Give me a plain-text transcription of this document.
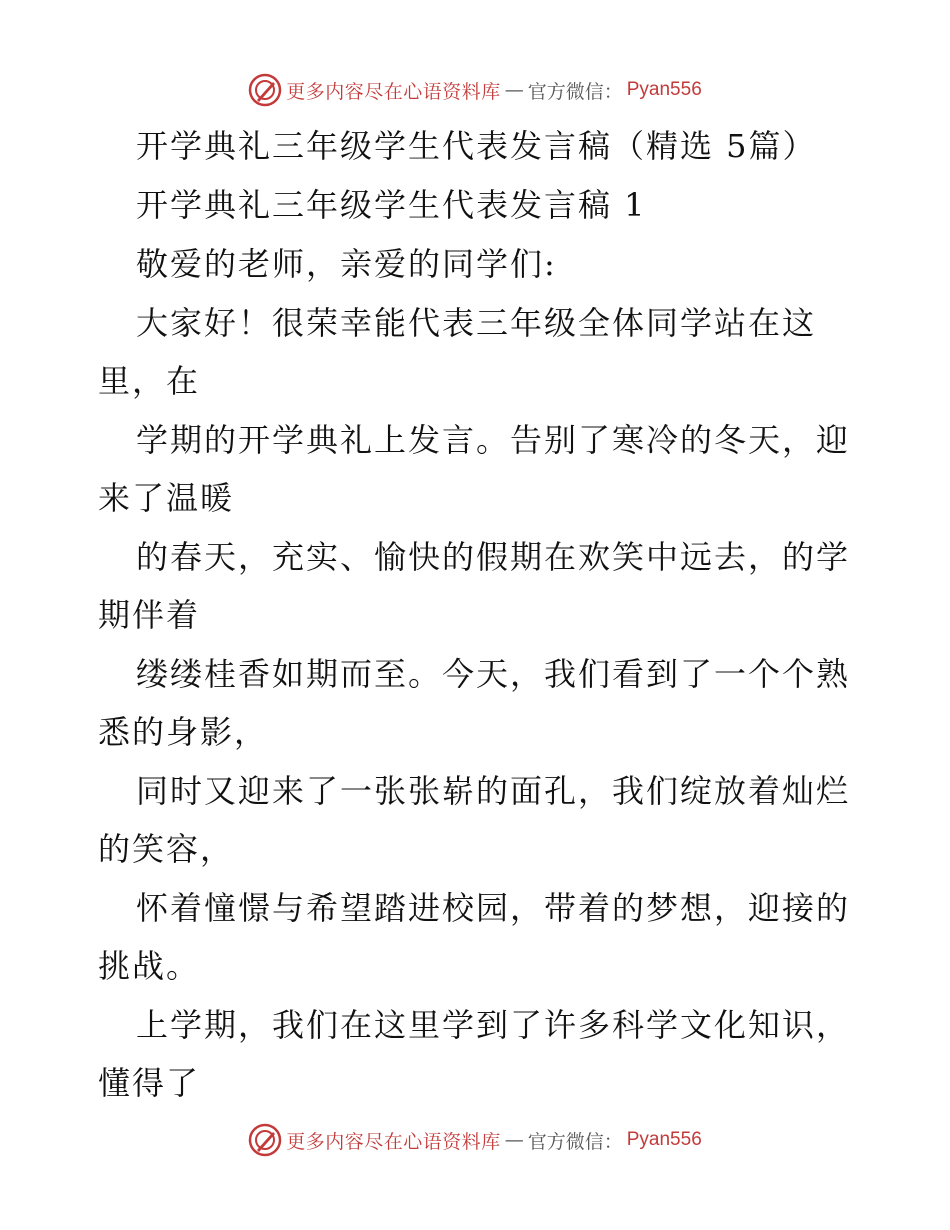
更多内容尽在心语资料库 — 官方微信： Pyan556

开学典礼三年级学生代表发言稿（精选 5篇）

开学典礼三年级学生代表发言稿 1

敬爱的老师，亲爱的同学们:

大家好！很荣幸能代表三年级全体同学站在这

里，在

学期的开学典礼上发言。告别了寒冷的冬天，迎

来了温暖

的春天，充实、愉快的假期在欢笑中远去，的学

期伴着

缕缕桂香如期而至。今天，我们看到了一个个熟

悉的身影，

同时又迎来了一张张崭的面孔，我们绽放着灿烂

的笑容，

怀着憧憬与希望踏进校园，带着的梦想，迎接的

挑战。

上学期，我们在这里学到了许多科学文化知识，

懂得了

更多内容尽在心语资料库 — 官方微信： Pyan556
